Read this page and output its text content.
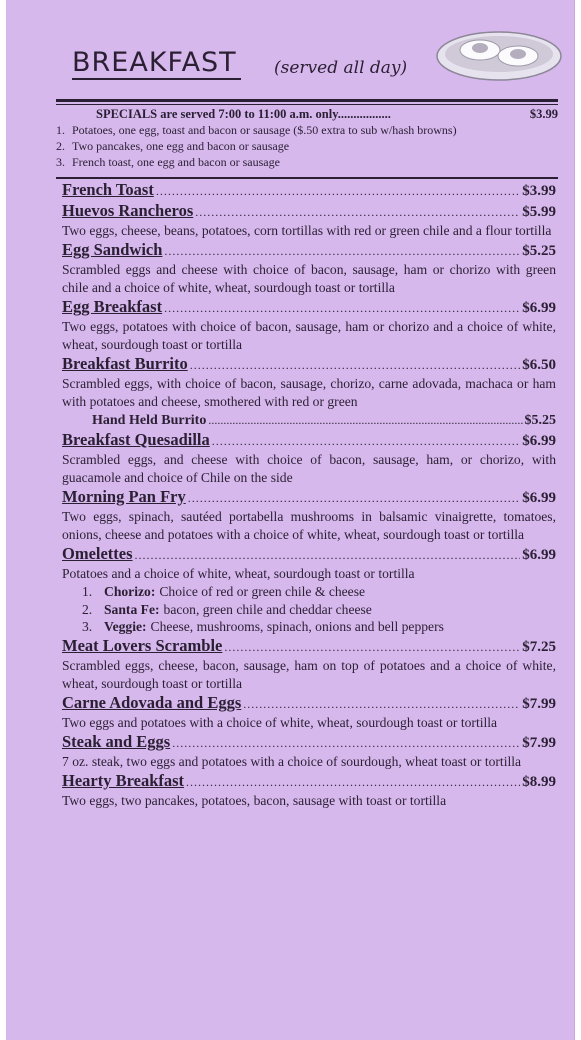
BREAKFAST (served all day)
SPECIALS are served 7:00 to 11:00 a.m. only.................	$3.99
1. Potatoes, one egg, toast and bacon or sausage ($.50 extra to sub w/hash browns)
2. Two pancakes, one egg and bacon or sausage
3. French toast, one egg and bacon or sausage
French Toast .....	$3.99
Huevos Rancheros .....	$5.99
Two eggs, cheese, beans, potatoes, corn tortillas with red or green chile and a flour tortilla
Egg Sandwich .....	$5.25
Scrambled eggs and cheese with choice of bacon, sausage, ham or chorizo with green chile and a choice of white, wheat, sourdough toast or tortilla
Egg Breakfast .....	$6.99
Two eggs, potatoes with choice of bacon, sausage, ham or chorizo and a choice of white, wheat, sourdough toast or tortilla
Breakfast Burrito .....	$6.50
Scrambled eggs, with choice of bacon, sausage, chorizo, carne adovada, machaca or ham with potatoes and cheese, smothered with red or green
Hand Held Burrito .....	$5.25
Breakfast Quesadilla .....	$6.99
Scrambled eggs, and cheese with choice of bacon, sausage, ham, or chorizo, with guacamole and choice of Chile on the side
Morning Pan Fry .....	$6.99
Two eggs, spinach, sautéed portabella mushrooms in balsamic vinaigrette, tomatoes, onions, cheese and potatoes with a choice of white, wheat, sourdough toast or tortilla
Omelettes .....	$6.99
Potatoes and a choice of white, wheat, sourdough toast or tortilla
1. Chorizo: Choice of red or green chile & cheese
2. Santa Fe: bacon, green chile and cheddar cheese
3. Veggie: Cheese, mushrooms, spinach, onions and bell peppers
Meat Lovers Scramble .....	$7.25
Scrambled eggs, cheese, bacon, sausage, ham on top of potatoes and a choice of white, wheat, sourdough toast or tortilla
Carne Adovada and Eggs .....	$7.99
Two eggs and potatoes with a choice of white, wheat, sourdough toast or tortilla
Steak and Eggs .....	$7.99
7 oz. steak, two eggs and potatoes with a choice of sourdough, wheat toast or tortilla
Hearty Breakfast .....	$8.99
Two eggs, two pancakes, potatoes, bacon, sausage with toast or tortilla
